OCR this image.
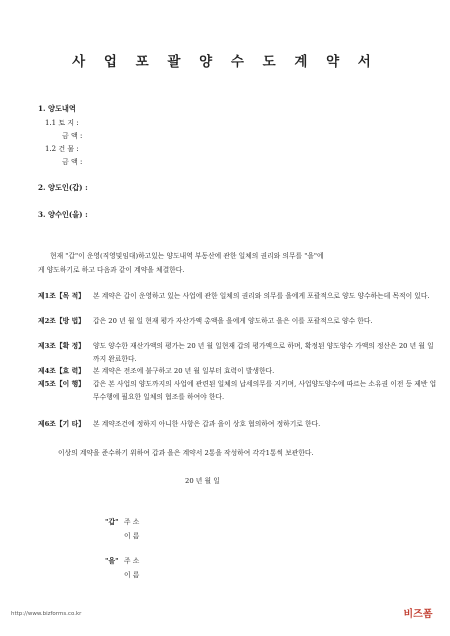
사 업 포 괄 양 수 도 계 약 서
1. 양도내역
1.1 토 지 :
금 액 :
1.2 건 물 :
금 액 :
2. 양도인(갑) :
3. 양수인(을) :
현재 "갑"이 운영(직영및임대)하고있는 양도내역 부동산에 관한 일체의 권리와 의무를 "을"에
게 양도하기로 하고 다음과 같이 계약을 체결한다.
제1조【목 적】 본 계약은 갑이 운영하고 있는 사업에 관한 일체의 권리와 의무를 을에게 포괄적으로 양도 양수하는데 목적이 있다.
제2조【방 법】 갑은 20 년 월 일 현재 평가 자산가액 총액을 을에게 양도하고 을은 이를 포괄적으로 양수 한다.
제3조【확 정】 양도 양수한 재산가액의 평가는 20 년 월 일현재 갑의 평가액으로 하며, 확정된 양도양수 가액의 정산은 20 년 월 일 까지 완료한다.
제4조【효 력】 본 계약은 전조에 불구하고 20 년 월 일부터 효력이 발생한다.
제5조【이 행】 갑은 본 사업의 양도까지의 사업에 관련된 일체의 납세의무를 지키며, 사업양도양수에 따르는 소유권 이전 등 제반 업무수행에 필요한 일체의 협조를 하여야 한다.
제6조【기 타】 본 계약조건에 정하지 아니한 사항은 갑과 을이 상호 협의하여 정하기로 한다.
이상의 계약을 준수하기 위하여 갑과 을은 계약서 2통을 작성하여 각각1통씩 보관한다.
20 년 월 일
"갑" 주 소
이 름
"을" 주 소
이 름
http://www.bizforms.co.kr	비즈폼
